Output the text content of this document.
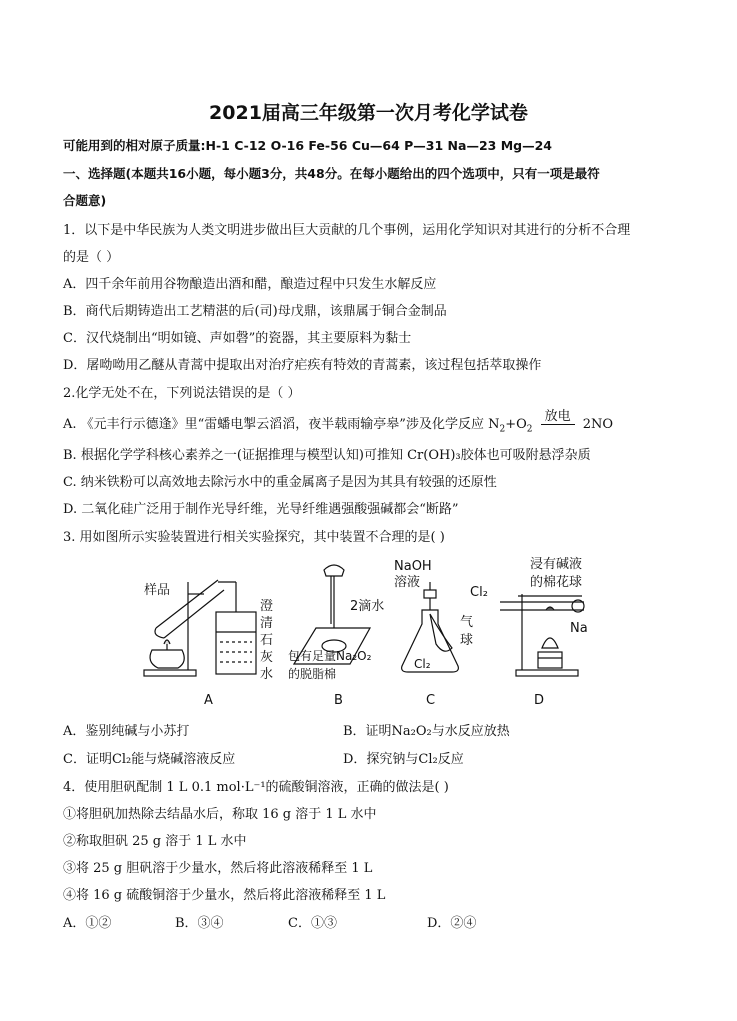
2021届高三年级第一次月考化学试卷
可能用到的相对原子质量:H-1 C-12 O-16 Fe-56 Cu—64 P—31 Na—23 Mg—24
一、选择题(本题共16小题，每小题3分，共48分。在每小题给出的四个选项中，只有一项是最符
合题意)
1．以下是中华民族为人类文明进步做出巨大贡献的几个事例，运用化学知识对其进行的分析不合理
的是（ ）
A．四千余年前用谷物酿造出酒和醋，酿造过程中只发生水解反应
B．商代后期铸造出工艺精湛的后(司)母戊鼎，该鼎属于铜合金制品
C．汉代烧制出“明如镜、声如磬”的瓷器，其主要原料为黏士
D．屠呦呦用乙醚从青蒿中提取出对治疗疟疾有特效的青蒿素，该过程包括萃取操作
2.化学无处不在，下列说法错误的是（ ）
A. 《元丰行示德逢》里“雷蟠电掣云滔滔，夜半载雨输亭皋”涉及化学反应 $N_2+O_2$
放电
2NO
B. 根据化学学科核心素养之一(证据推理与模型认知)可推知 Cr(OH)₃胶体也可吸附悬浮杂质
C. 纳米铁粉可以高效地去除污水中的重金属离子是因为其具有较强的还原性
D. 二氧化硅广泛用于制作光导纤维，光导纤维遇强酸强碱都会“断路”
3. 用如图所示实验装置进行相关实验探究，其中装置不合理的是( )
样品
澄
清
石
灰
水
2滴水
包有足量Na₂O₂
的脱脂棉
NaOH
溶液
气
球
Cl₂
浸有碱液
的棉花球
Cl₂
Na
A	B	C	D
A．鉴别纯碱与小苏打	B．证明Na₂O₂与水反应放热
C．证明Cl₂能与烧碱溶液反应	D．探究钠与Cl₂反应
4．使用胆矾配制 1 L 0.1 mol·L⁻¹的硫酸铜溶液，正确的做法是( )
①将胆矾加热除去结晶水后，称取 16 g 溶于 1 L 水中
②称取胆矾 25 g 溶于 1 L 水中
③将 25 g 胆矾溶于少量水，然后将此溶液稀释至 1 L
④将 16 g 硫酸铜溶于少量水，然后将此溶液稀释至 1 L
A．①②	B．③④	C．①③	D．②④
